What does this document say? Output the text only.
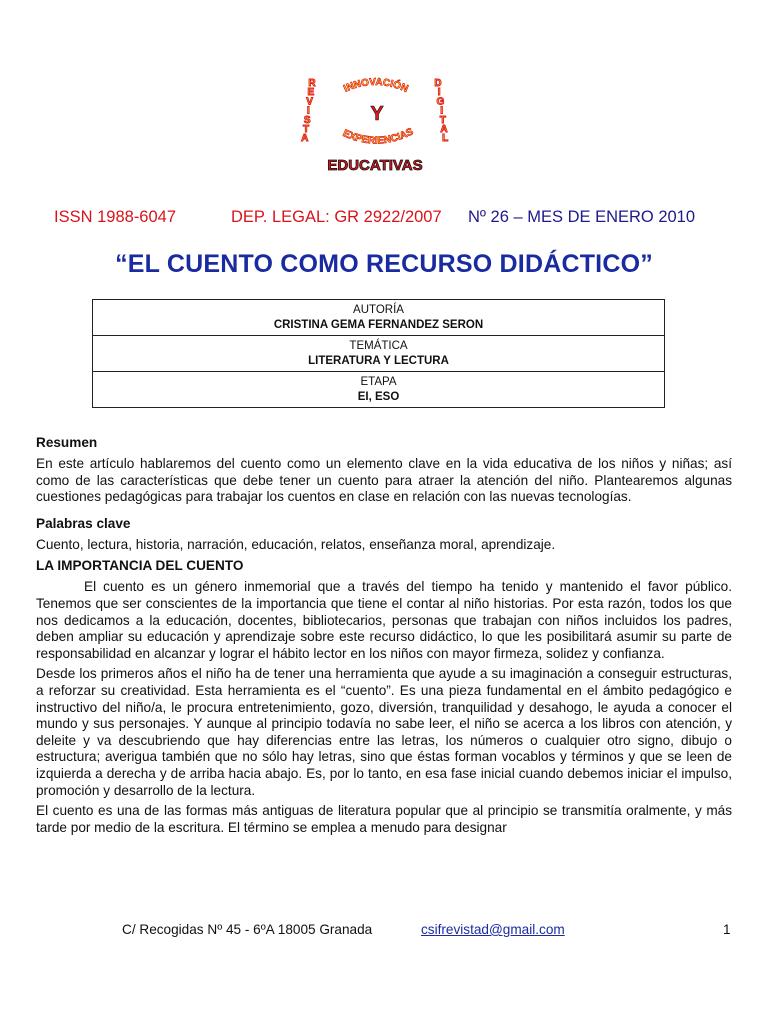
R
E
V
I
S
T
A
D
I
G
I
T
A
L
INNOVACIÓN
Y
EXPERIENCIAS
EDUCATIVAS
ISSN 1988-6047	DEP. LEGAL: GR 2922/2007 Nº 26 – MES DE ENERO 2010
“EL CUENTO COMO RECURSO DIDÁCTICO”
AUTORÍA
CRISTINA GEMA FERNANDEZ SERON
TEMÁTICA
LITERATURA Y LECTURA
ETAPA
EI, ESO
Resumen

En este artículo hablaremos del cuento como un elemento clave en la vida educativa de los niños y niñas; así como de las características que debe tener un cuento para atraer la atención del niño. Plantearemos algunas cuestiones pedagógicas para trabajar los cuentos en clase en relación con las nuevas tecnologías.

Palabras clave

Cuento, lectura, historia, narración, educación, relatos, enseñanza moral, aprendizaje.

LA IMPORTANCIA DEL CUENTO

El cuento es un género inmemorial que a través del tiempo ha tenido y mantenido el favor público. Tenemos que ser conscientes de la importancia que tiene el contar al niño historias. Por esta razón, todos los que nos dedicamos a la educación, docentes, bibliotecarios, personas que trabajan con niños incluidos los padres, deben ampliar su educación y aprendizaje sobre este recurso didáctico, lo que les posibilitará asumir su parte de responsabilidad en alcanzar y lograr el hábito lector en los niños con mayor firmeza, solidez y confianza.

Desde los primeros años el niño ha de tener una herramienta que ayude a su imaginación a conseguir estructuras, a reforzar su creatividad. Esta herramienta es el “cuento”. Es una pieza fundamental en el ámbito pedagógico e instructivo del niño/a, le procura entretenimiento, gozo, diversión, tranquilidad y desahogo, le ayuda a conocer el mundo y sus personajes. Y aunque al principio todavía no sabe leer, el niño se acerca a los libros con atención, y deleite y va descubriendo que hay diferencias entre las letras, los números o cualquier otro signo, dibujo o estructura; averigua también que no sólo hay letras, sino que éstas forman vocablos y términos y que se leen de izquierda a derecha y de arriba hacia abajo. Es, por lo tanto, en esa fase inicial cuando debemos iniciar el impulso, promoción y desarrollo de la lectura.

El cuento es una de las formas más antiguas de literatura popular que al principio se transmitía oralmente, y más tarde por medio de la escritura. El término se emplea a menudo para designar

C/ Recogidas Nº 45 - 6ºA 18005 Granada	csifrevistad@gmail.com	1
